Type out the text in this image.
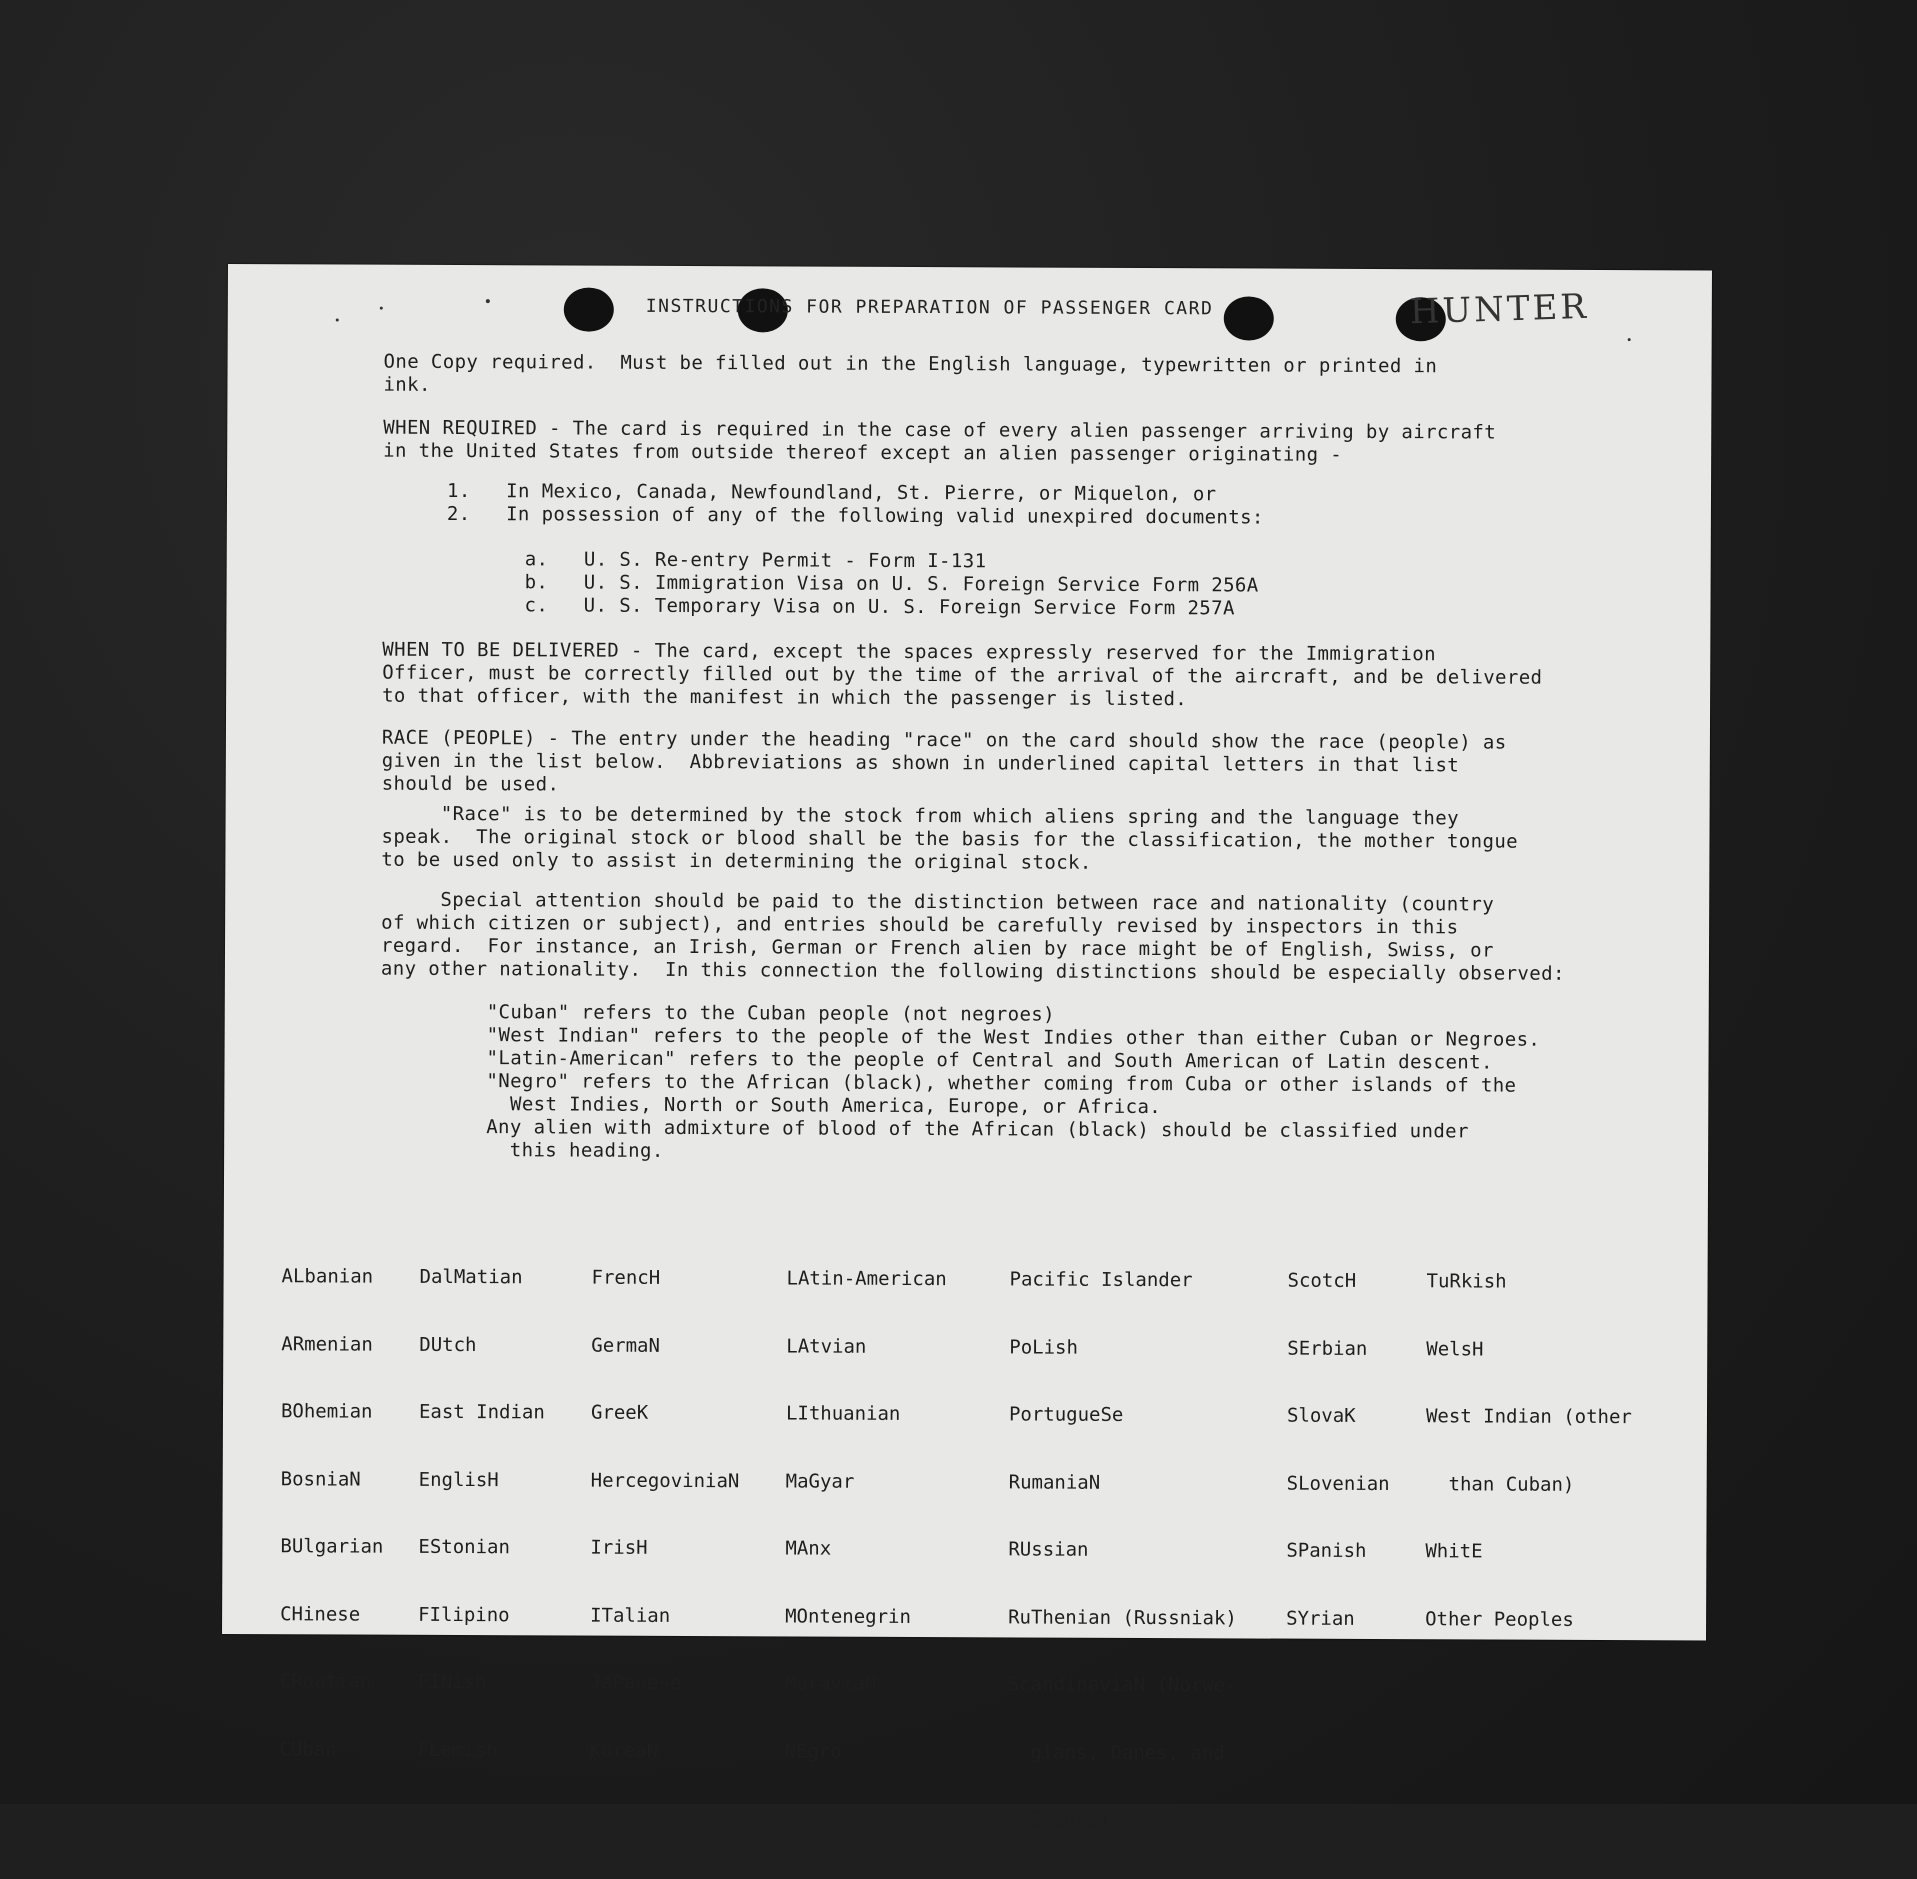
INSTRUCTIONS FOR PREPARATION OF PASSENGER CARD	HUNTER
One Copy required.  Must be filled out in the English language, typewritten or printed in
ink.
WHEN REQUIRED - The card is required in the case of every alien passenger arriving by aircraft
in the United States from outside thereof except an alien passenger originating -
1.   In Mexico, Canada, Newfoundland, St. Pierre, or Miquelon, or
2.   In possession of any of the following valid unexpired documents:
a.   U. S. Re-entry Permit - Form I-131
b.   U. S. Immigration Visa on U. S. Foreign Service Form 256A
c.   U. S. Temporary Visa on U. S. Foreign Service Form 257A
WHEN TO BE DELIVERED - The card, except the spaces expressly reserved for the Immigration
Officer, must be correctly filled out by the time of the arrival of the aircraft, and be delivered
to that officer, with the manifest in which the passenger is listed.
RACE (PEOPLE) - The entry under the heading "race" on the card should show the race (people) as
given in the list below.  Abbreviations as shown in underlined capital letters in that list
should be used.
"Race" is to be determined by the stock from which aliens spring and the language they
speak.  The original stock or blood shall be the basis for the classification, the mother tongue
to be used only to assist in determining the original stock.
Special attention should be paid to the distinction between race and nationality (country
of which citizen or subject), and entries should be carefully revised by inspectors in this
regard.  For instance, an Irish, German or French alien by race might be of English, Swiss, or
any other nationality.  In this connection the following distinctions should be especially observed:
"Cuban" refers to the Cuban people (not negroes)
"West Indian" refers to the people of the West Indies other than either Cuban or Negroes.
"Latin-American" refers to the people of Central and South American of Latin descent.
"Negro" refers to the African (black), whether coming from Cuba or other islands of the
West Indies, North or South America, Europe, or Africa.
Any alien with admixture of blood of the African (black) should be classified under
this heading.

ALbanian

ARmenian

BOhemian

BosniaN

BUlgarian

CHinese

CRoatian

CUban

DalMatian

DUtch

East Indian

EnglisH

EStonian

FIlipino

FINish

FLemish

FrencH

GermaN

GreeK

HercegoviniaN

IrisH

ITalian

JaPanese

KoreaN

LAtin-American

LAtvian

LIthuanian

MaGyar

MAnx

MOntenegrin

MoraviaN

NEgro

Pacific Islander

PoLish

PortugueSe

RumaniaN

RUssian

RuThenian (Russniak)

ScandinaviaN (Norwe-

gians, Danes, and

Swedes)

ScotcH

SErbian

SlovaK

SLovenian

SPanish

SYrian

TuRkish

WelsH

West Indian (other

than Cuban)

WhitE

Other Peoples
